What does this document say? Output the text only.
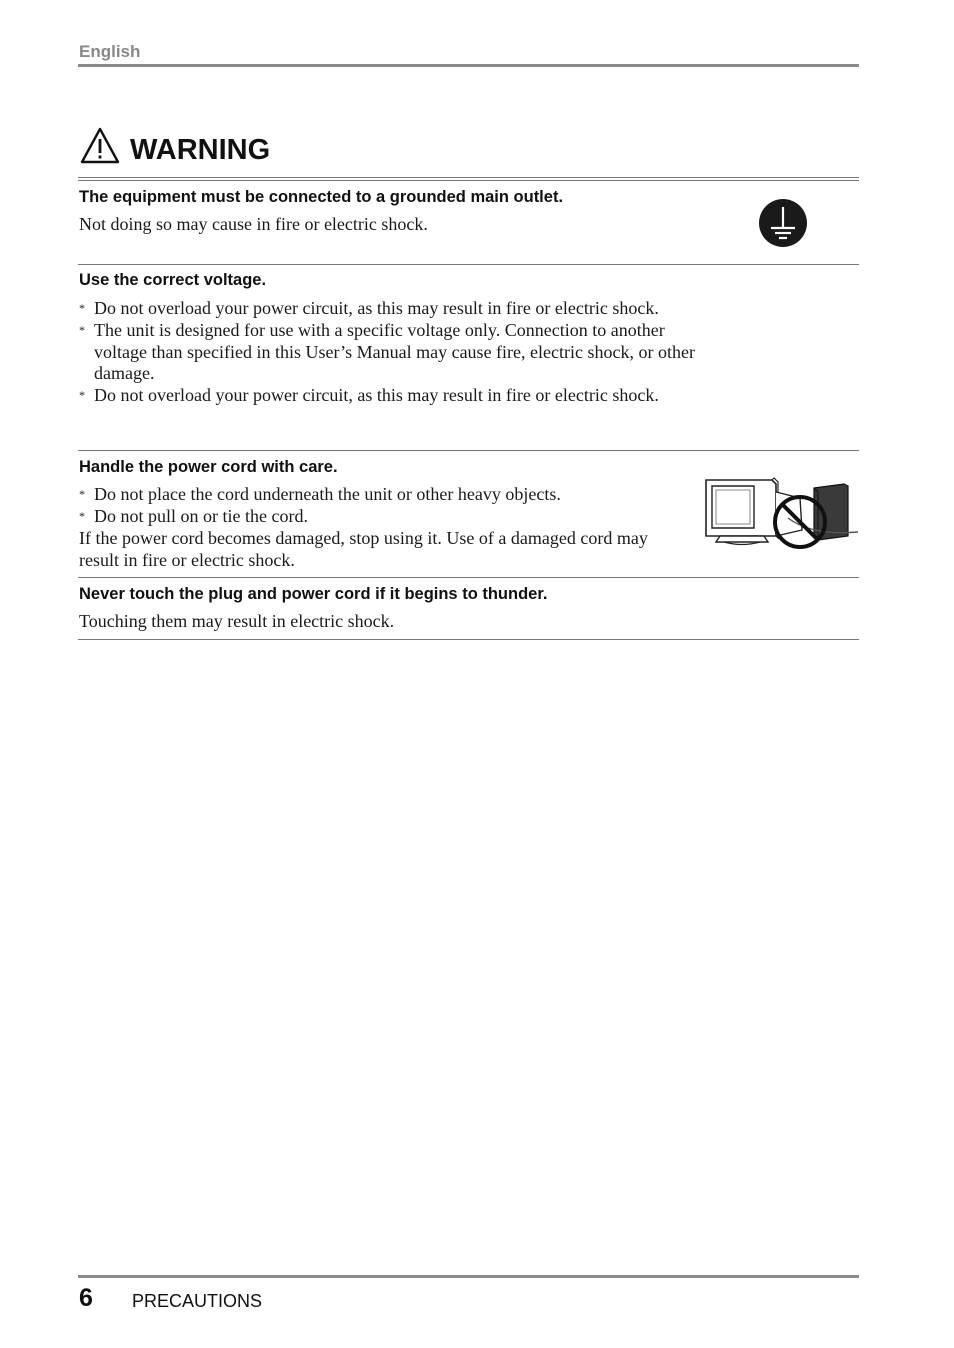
English
WARNING
The equipment must be connected to a grounded main outlet.
Not doing so may cause in fire or electric shock.
Use the correct voltage.
* Do not overload your power circuit, as this may result in fire or electric shock.
* The unit is designed for use with a specific voltage only. Connection to another voltage than specified in this User’s Manual may cause fire, electric shock, or other damage.
* Do not overload your power circuit, as this may result in fire or electric shock.
Handle the power cord with care.
* Do not place the cord underneath the unit or other heavy objects.
* Do not pull on or tie the cord.
If the power cord becomes damaged, stop using it. Use of a damaged cord may result in fire or electric shock.
Never touch the plug and power cord if it begins to thunder.
Touching them may result in electric shock.
6 PRECAUTIONS
